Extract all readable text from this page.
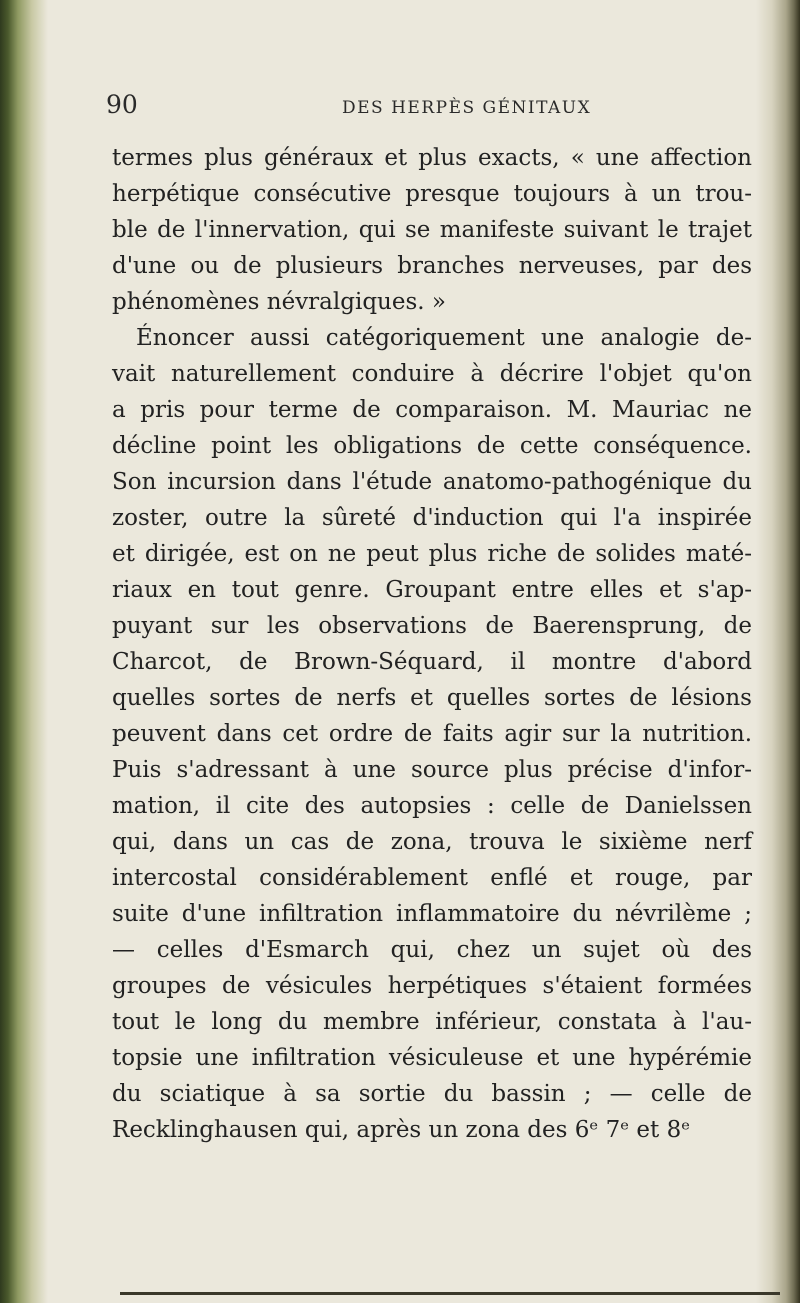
90	DES HERPÈS GÉNITAUX
termes plus généraux et plus exacts, « une affection
herpétique consécutive presque toujours à un trou-
ble de l'innervation, qui se manifeste suivant le trajet
d'une ou de plusieurs branches nerveuses, par des
phénomènes névralgiques. »
Énoncer aussi catégoriquement une analogie de-
vait naturellement conduire à décrire l'objet qu'on
a pris pour terme de comparaison. M. Mauriac ne
décline point les obligations de cette conséquence.
Son incursion dans l'étude anatomo-pathogénique du
zoster, outre la sûreté d'induction qui l'a inspirée
et dirigée, est on ne peut plus riche de solides maté-
riaux en tout genre. Groupant entre elles et s'ap-
puyant sur les observations de Baerensprung, de
Charcot, de Brown-Séquard, il montre d'abord
quelles sortes de nerfs et quelles sortes de lésions
peuvent dans cet ordre de faits agir sur la nutrition.
Puis s'adressant à une source plus précise d'infor-
mation, il cite des autopsies : celle de Danielssen
qui, dans un cas de zona, trouva le sixième nerf
intercostal considérablement enflé et rouge, par
suite d'une infiltration inflammatoire du névrilème ;
— celles d'Esmarch qui, chez un sujet où des
groupes de vésicules herpétiques s'étaient formées
tout le long du membre inférieur, constata à l'au-
topsie une infiltration vésiculeuse et une hypérémie
du sciatique à sa sortie du bassin ; — celle de
Recklinghausen qui, après un zona des 6ᵉ 7ᵉ et 8ᵉ
